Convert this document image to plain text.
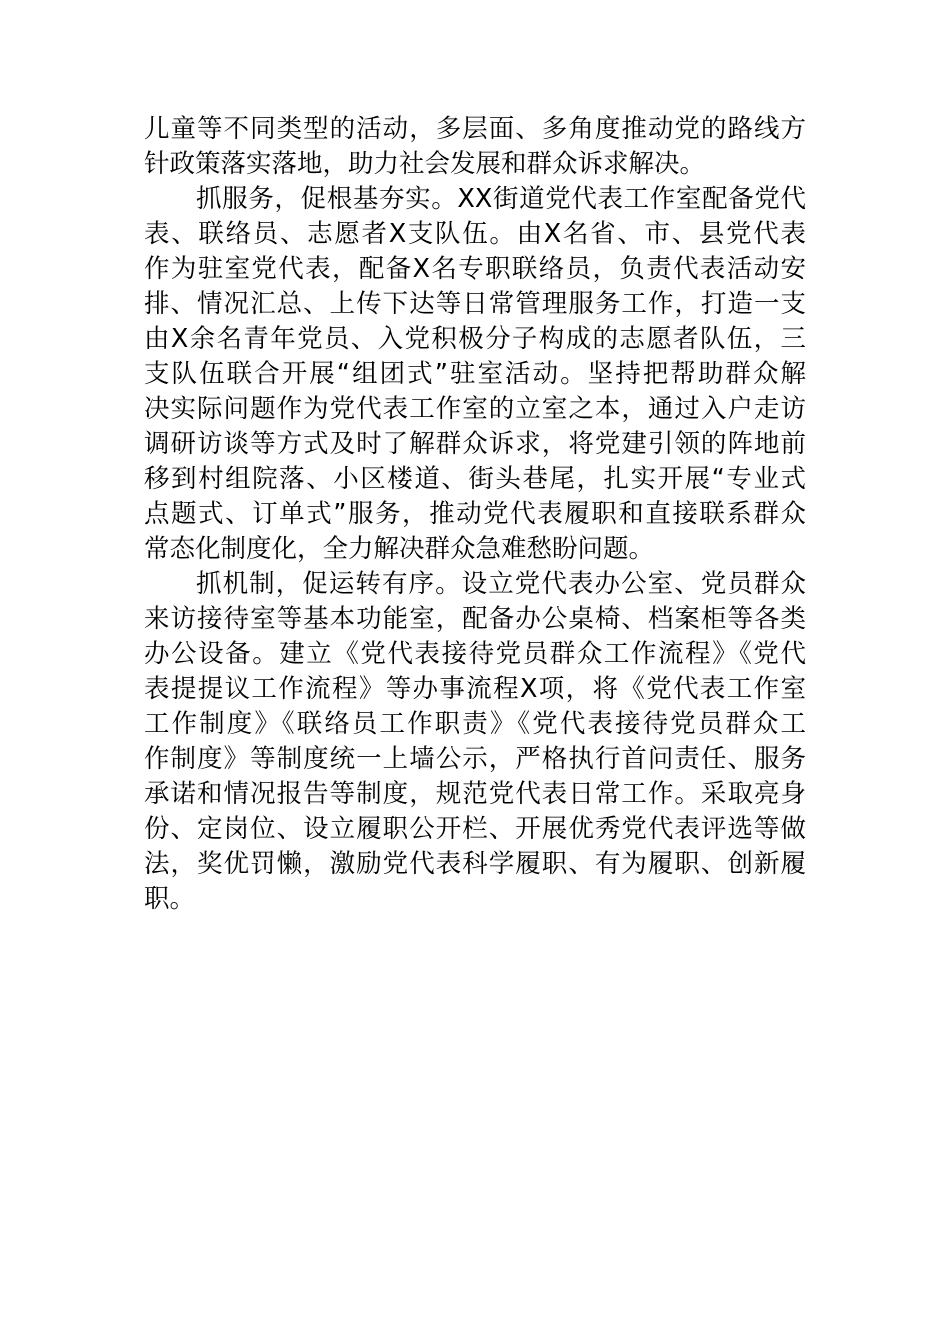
儿童等不同类型的活动，多层面、多角度推动党的路线方
针政策落实落地，助力社会发展和群众诉求解决。
抓服务，促根基夯实。XX街道党代表工作室配备党代
表、联络员、志愿者X支队伍。由X名省、市、县党代表
作为驻室党代表，配备X名专职联络员，负责代表活动安
排、情况汇总、上传下达等日常管理服务工作，打造一支
由X余名青年党员、入党积极分子构成的志愿者队伍，三
支队伍联合开展“组团式”驻室活动。坚持把帮助群众解
决实际问题作为党代表工作室的立室之本，通过入户走访
调研访谈等方式及时了解群众诉求，将党建引领的阵地前
移到村组院落、小区楼道、街头巷尾，扎实开展“专业式
点题式、订单式”服务，推动党代表履职和直接联系群众
常态化制度化，全力解决群众急难愁盼问题。
抓机制，促运转有序。设立党代表办公室、党员群众
来访接待室等基本功能室，配备办公桌椅、档案柜等各类
办公设备。建立《党代表接待党员群众工作流程》《党代
表提提议工作流程》等办事流程X项，将《党代表工作室
工作制度》《联络员工作职责》《党代表接待党员群众工
作制度》等制度统一上墙公示，严格执行首问责任、服务
承诺和情况报告等制度，规范党代表日常工作。采取亮身
份、定岗位、设立履职公开栏、开展优秀党代表评选等做
法，奖优罚懒，激励党代表科学履职、有为履职、创新履
职。
